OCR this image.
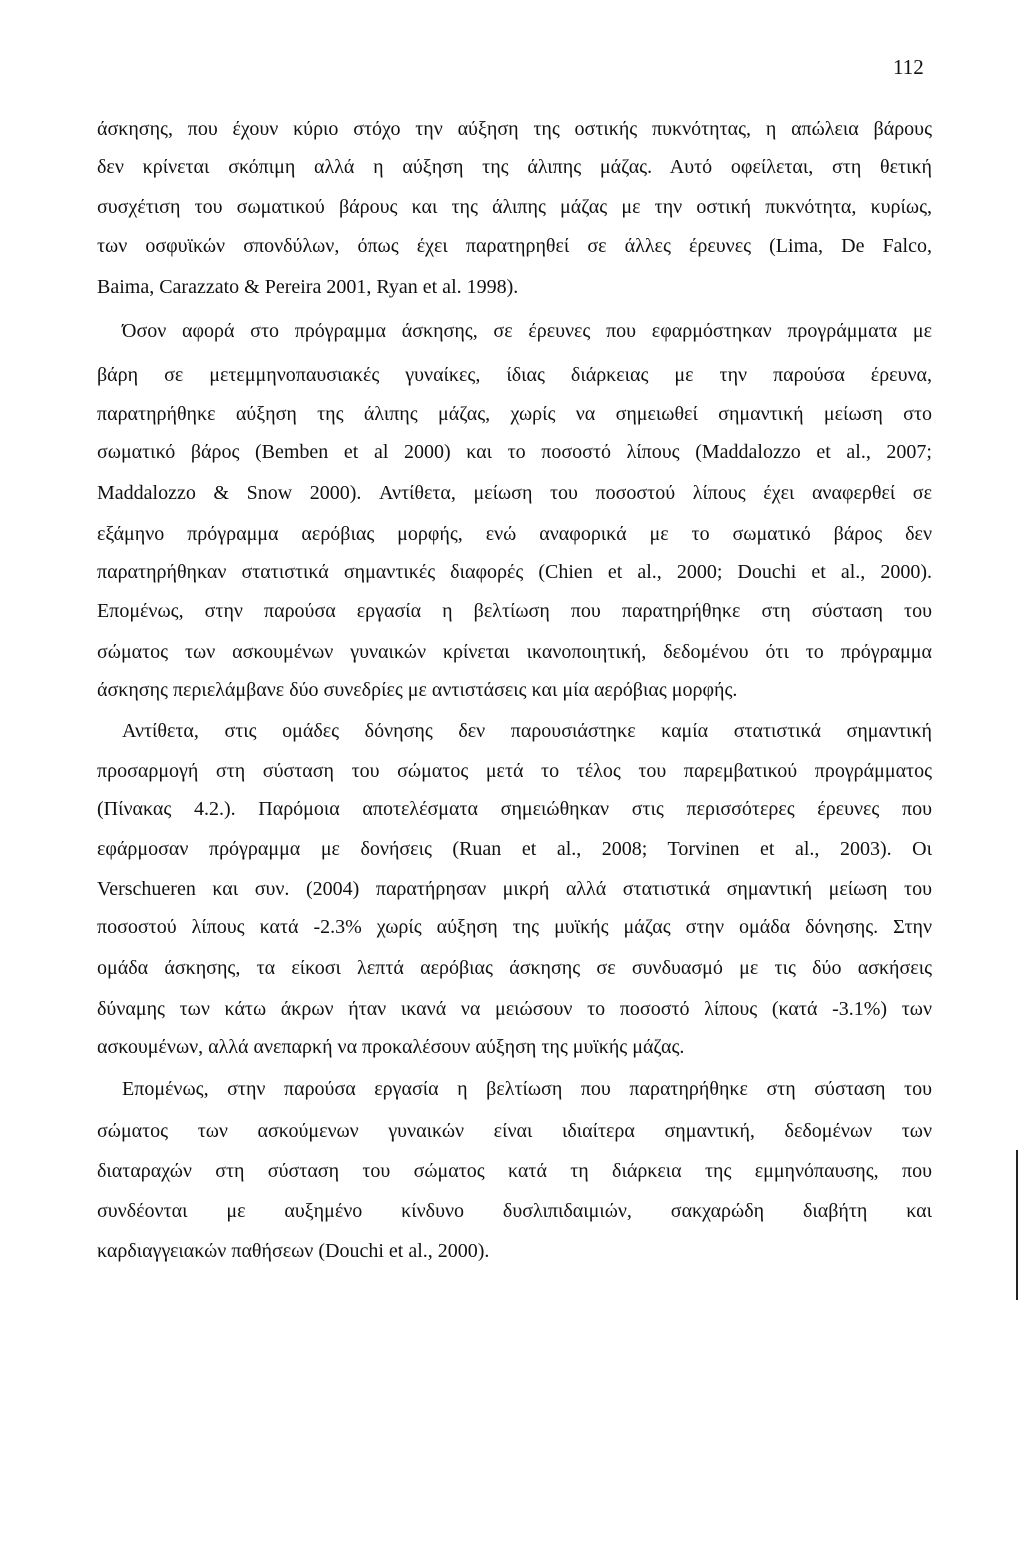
112

άσκησης, που έχουν κύριο στόχο την αύξηση της οστικής πυκνότητας, η απώλεια βάρους

δεν κρίνεται σκόπιμη αλλά η αύξηση της άλιπης μάζας. Αυτό οφείλεται, στη θετική

συσχέτιση του σωματικού βάρους και της άλιπης μάζας με την οστική πυκνότητα, κυρίως,

των οσφυϊκών σπονδύλων, όπως έχει παρατηρηθεί σε άλλες έρευνες (Lima, De Falco,

Baima, Carazzato & Pereira 2001, Ryan et al. 1998).

Όσον αφορά στο πρόγραμμα άσκησης, σε έρευνες που εφαρμόστηκαν προγράμματα με

βάρη σε μετεμμηνοπαυσιακές γυναίκες, ίδιας διάρκειας με την παρούσα έρευνα,

παρατηρήθηκε αύξηση της άλιπης μάζας, χωρίς να σημειωθεί σημαντική μείωση στο

σωματικό βάρος (Bemben et al 2000) και το ποσοστό λίπους (Maddalozzo et al., 2007;

Maddalozzo & Snow 2000). Αντίθετα, μείωση του ποσοστού λίπους έχει αναφερθεί σε

εξάμηνο πρόγραμμα αερόβιας μορφής, ενώ αναφορικά με το σωματικό βάρος δεν

παρατηρήθηκαν στατιστικά σημαντικές διαφορές (Chien et al., 2000; Douchi et al., 2000).

Επομένως, στην παρούσα εργασία η βελτίωση που παρατηρήθηκε στη σύσταση του

σώματος των ασκουμένων γυναικών κρίνεται ικανοποιητική, δεδομένου ότι το πρόγραμμα

άσκησης περιελάμβανε δύο συνεδρίες με αντιστάσεις και μία αερόβιας μορφής.

Αντίθετα, στις ομάδες δόνησης δεν παρουσιάστηκε καμία στατιστικά σημαντική

προσαρμογή στη σύσταση του σώματος μετά το τέλος του παρεμβατικού προγράμματος

(Πίνακας 4.2.). Παρόμοια αποτελέσματα σημειώθηκαν στις περισσότερες έρευνες που

εφάρμοσαν πρόγραμμα με δονήσεις (Ruan et al., 2008; Torvinen et al., 2003). Οι

Verschueren και συν. (2004) παρατήρησαν μικρή αλλά στατιστικά σημαντική μείωση του

ποσοστού λίπους κατά -2.3% χωρίς αύξηση της μυϊκής μάζας στην ομάδα δόνησης. Στην

ομάδα άσκησης, τα είκοσι λεπτά αερόβιας άσκησης σε συνδυασμό με τις δύο ασκήσεις

δύναμης των κάτω άκρων ήταν ικανά να μειώσουν το ποσοστό λίπους (κατά -3.1%) των

ασκουμένων, αλλά ανεπαρκή να προκαλέσουν αύξηση της μυϊκής μάζας.

Επομένως, στην παρούσα εργασία η βελτίωση που παρατηρήθηκε στη σύσταση του

σώματος των ασκούμενων γυναικών είναι ιδιαίτερα σημαντική, δεδομένων των

διαταραχών στη σύσταση του σώματος κατά τη διάρκεια της εμμηνόπαυσης, που

συνδέονται με αυξημένο κίνδυνο δυσλιπιδαιμιών, σακχαρώδη διαβήτη και

καρδιαγγειακών παθήσεων (Douchi et al., 2000).
